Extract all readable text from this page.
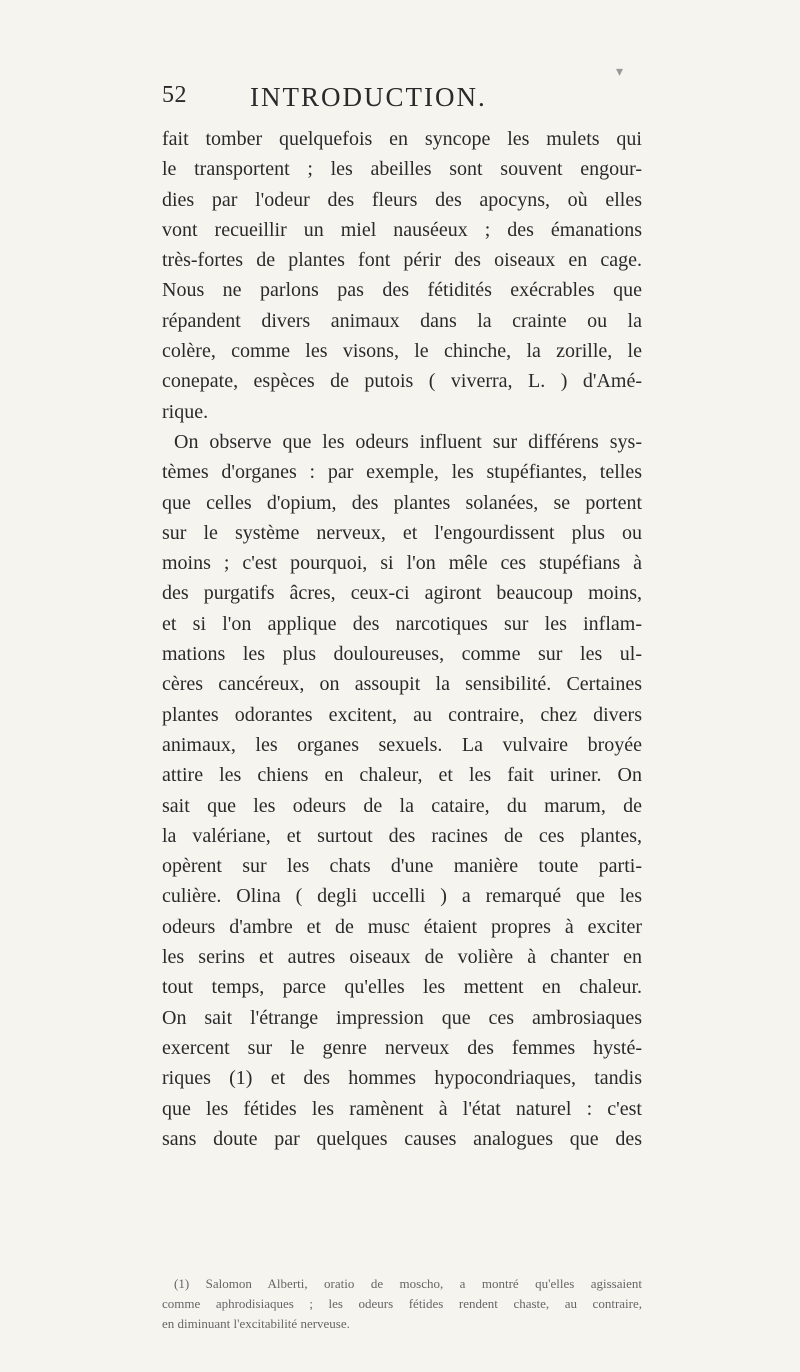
▾
52 INTRODUCTION.
fait tomber quelquefois en syncope les mulets qui
le transportent ; les abeilles sont souvent engour-
dies par l'odeur des fleurs des apocyns, où elles
vont recueillir un miel nauséeux ; des émanations
très-fortes de plantes font périr des oiseaux en cage.
Nous ne parlons pas des fétidités exécrables que
répandent divers animaux dans la crainte ou la
colère, comme les visons, le chinche, la zorille, le
conepate, espèces de putois ( viverra, L. ) d'Amé-
rique.
On observe que les odeurs influent sur différens sys-
tèmes d'organes : par exemple, les stupéfiantes, telles
que celles d'opium, des plantes solanées, se portent
sur le système nerveux, et l'engourdissent plus ou
moins ; c'est pourquoi, si l'on mêle ces stupéfians à
des purgatifs âcres, ceux-ci agiront beaucoup moins,
et si l'on applique des narcotiques sur les inflam-
mations les plus douloureuses, comme sur les ul-
cères cancéreux, on assoupit la sensibilité. Certaines
plantes odorantes excitent, au contraire, chez divers
animaux, les organes sexuels. La vulvaire broyée
attire les chiens en chaleur, et les fait uriner. On
sait que les odeurs de la cataire, du marum, de
la valériane, et surtout des racines de ces plantes,
opèrent sur les chats d'une manière toute parti-
culière. Olina ( degli uccelli ) a remarqué que les
odeurs d'ambre et de musc étaient propres à exciter
les serins et autres oiseaux de volière à chanter en
tout temps, parce qu'elles les mettent en chaleur.
On sait l'étrange impression que ces ambrosiaques
exercent sur le genre nerveux des femmes hysté-
riques (1) et des hommes hypocondriaques, tandis
que les fétides les ramènent à l'état naturel : c'est
sans doute par quelques causes analogues que des
(1) Salomon Alberti, oratio de moscho, a montré qu'elles agissaient
comme aphrodisiaques ; les odeurs fétides rendent chaste, au contraire,
en diminuant l'excitabilité nerveuse.
